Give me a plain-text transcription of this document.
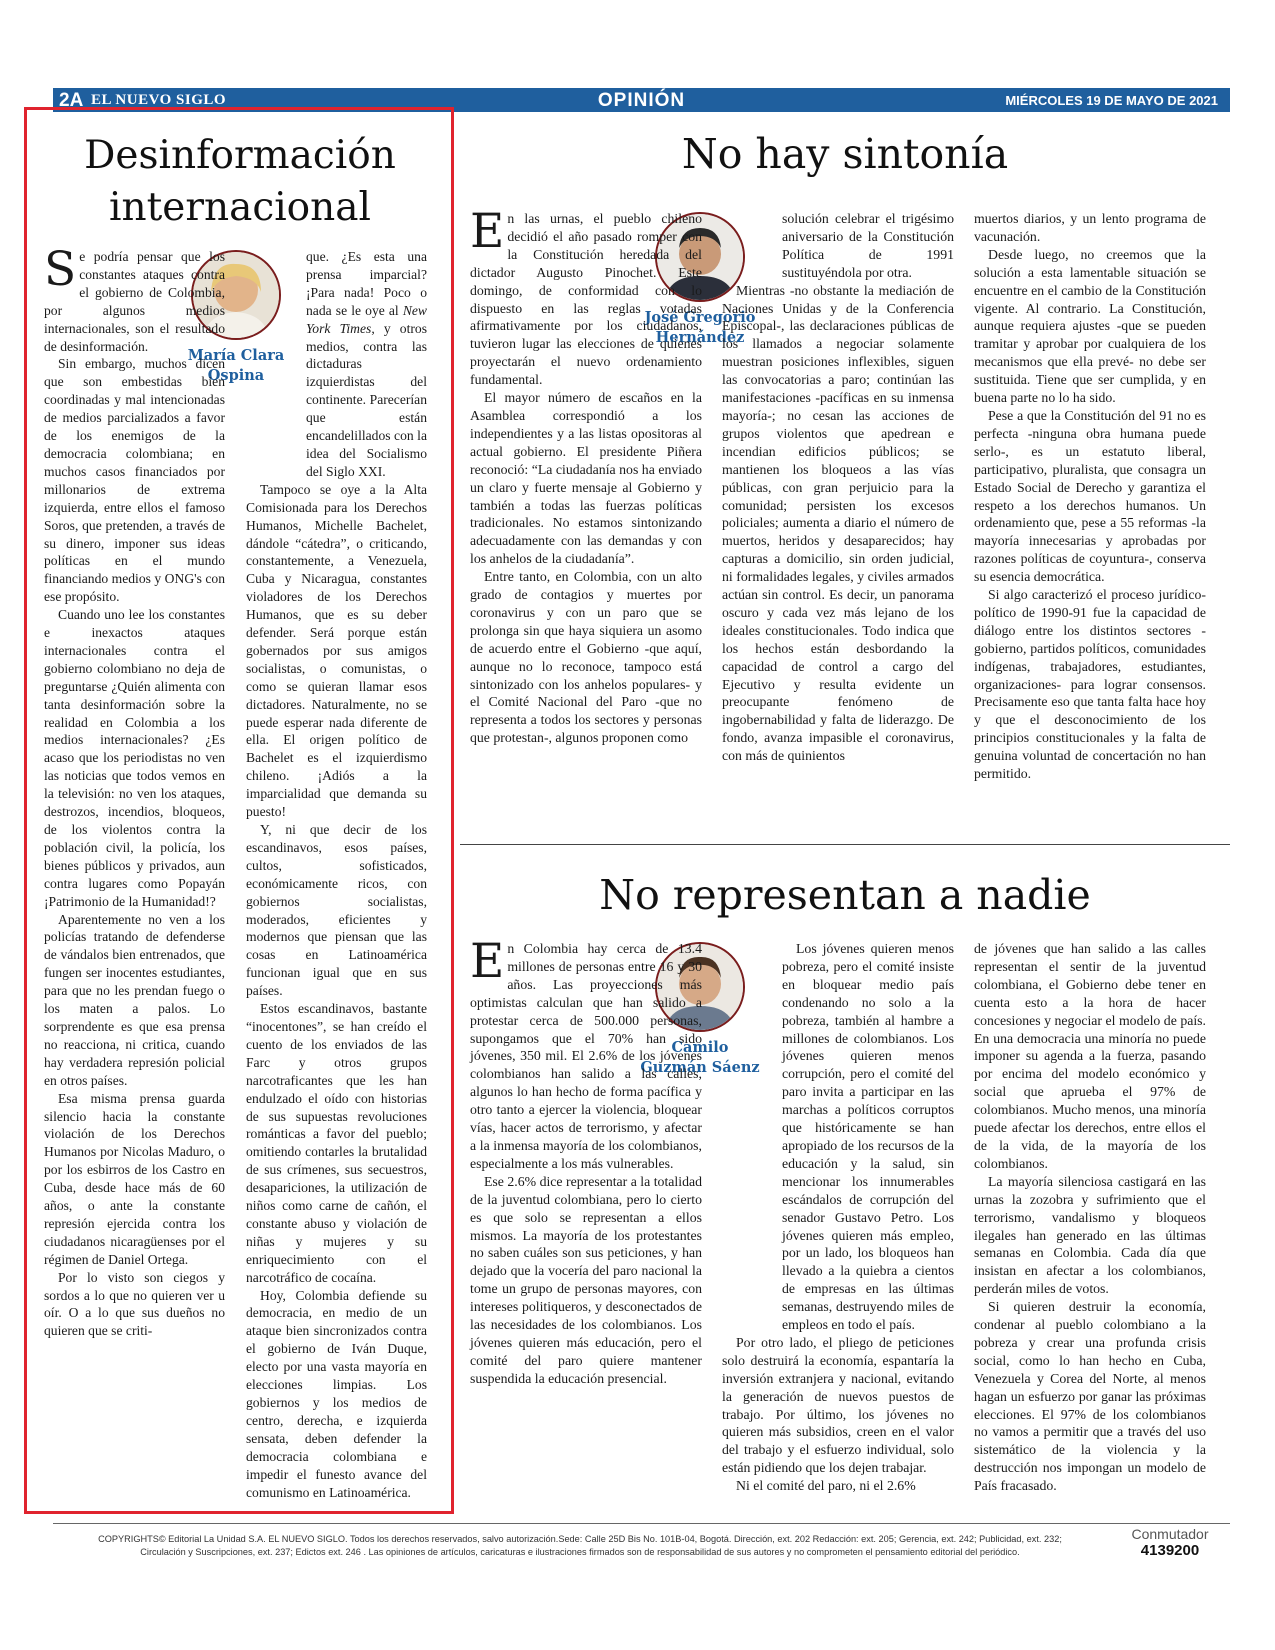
2A EL NUEVO SIGLO	OPINIÓN	MIÉRCOLES 19 DE MAYO DE 2021
Desinformación
internacional
María Clara
Ospina

Se podría pensar que los constantes ataques contra el gobierno de Colombia, por algunos medios internacionales, son el resultado de desinformación.

Sin embargo, muchos dicen que son embestidas bien coordinadas y mal intencionadas de medios parcializados a favor de los enemigos de la democracia colombiana; en muchos casos financiados por millonarios de extrema izquierda, entre ellos el famoso Soros, que pretenden, a través de su dinero, imponer sus ideas políticas en el mundo financiando medios y ONG's con ese propósito.

Cuando uno lee los constantes e inexactos ataques internacionales contra el gobierno colombiano no deja de preguntarse ¿Quién alimenta con tanta desinformación sobre la realidad en Colombia a los medios internacionales? ¿Es acaso que los periodistas no ven las noticias que todos vemos en la televisión: no ven los ataques, destrozos, incendios, bloqueos, de los violentos contra la población civil, la policía, los bienes públicos y privados, aun contra lugares como Popayán ¡Patrimonio de la Humanidad!?

Aparentemente no ven a los policías tratando de defenderse de vándalos bien entrenados, que fungen ser inocentes estudiantes, para que no les prendan fuego o los maten a palos. Lo sorprendente es que esa prensa no reacciona, ni critica, cuando hay verdadera represión policial en otros países.

Esa misma prensa guarda silencio hacia la constante violación de los Derechos Humanos por Nicolas Maduro, o por los esbirros de los Castro en Cuba, desde hace más de 60 años, o ante la constante represión ejercida contra los ciudadanos nicaragüenses por el régimen de Daniel Ortega.

Por lo visto son ciegos y sordos a lo que no quieren ver u oír. O a lo que sus dueños no quieren que se criti-

que. ¿Es esta una prensa imparcial? ¡Para nada! Poco o nada se le oye al New York Times, y otros medios, contra las dictaduras izquierdistas del continente. Parecerían que están encandelillados con la idea del Socialismo del Siglo XXI.

Tampoco se oye a la Alta Comisionada para los Derechos Humanos, Michelle Bachelet, dándole “cátedra”, o criticando, constantemente, a Venezuela, Cuba y Nicaragua, constantes violadores de los Derechos Humanos, que es su deber defender. Será porque están gobernados por sus amigos socialistas, o comunistas, o como se quieran llamar esos dictadores. Naturalmente, no se puede esperar nada diferente de ella. El origen político de Bachelet es el izquierdismo chileno. ¡Adiós a la imparcialidad que demanda su puesto!

Y, ni que decir de los escandinavos, esos países, cultos, sofisticados, económicamente ricos, con gobiernos socialistas, moderados, eficientes y modernos que piensan que las cosas en Latinoamérica funcionan igual que en sus países.

Estos escandinavos, bastante “inocentones”, se han creído el cuento de los enviados de las Farc y otros grupos narcotraficantes que les han endulzado el oído con historias de sus supuestas revoluciones románticas a favor del pueblo; omitiendo contarles la brutalidad de sus crímenes, sus secuestros, desapariciones, la utilización de niños como carne de cañón, el constante abuso y violación de niñas y mujeres y su enriquecimiento con el narcotráfico de cocaína.

Hoy, Colombia defiende su democracia, en medio de un ataque bien sincronizados contra el gobierno de Iván Duque, electo por una vasta mayoría en elecciones limpias. Los gobiernos y los medios de centro, derecha, e izquierda sensata, deben defender la democracia colombiana e impedir el funesto avance del comunismo en Latinoamérica.

No hay sintonía
José Gregorio
Hernández

En las urnas, el pueblo chileno decidió el año pasado romper con la Constitución heredada del dictador Augusto Pinochet. Este domingo, de conformidad con lo dispuesto en las reglas votadas afirmativamente por los ciudadanos, tuvieron lugar las elecciones de quienes proyectarán el nuevo ordenamiento fundamental.

El mayor número de escaños en la Asamblea correspondió a los independientes y a las listas opositoras al actual gobierno. El presidente Piñera reconoció: “La ciudadanía nos ha enviado un claro y fuerte mensaje al Gobierno y también a todas las fuerzas políticas tradicionales. No estamos sintonizando adecuadamente con las demandas y con los anhelos de la ciudadanía”.

Entre tanto, en Colombia, con un alto grado de contagios y muertes por coronavirus y con un paro que se prolonga sin que haya siquiera un asomo de acuerdo entre el Gobierno -que aquí, aunque no lo reconoce, tampoco está sintonizado con los anhelos populares- y el Comité Nacional del Paro -que no representa a todos los sectores y personas que protestan-, algunos proponen como

solución celebrar el trigésimo aniversario de la Constitución Política de 1991 sustituyéndola por otra.

Mientras -no obstante la mediación de Naciones Unidas y de la Conferencia Episcopal-, las declaraciones públicas de los llamados a negociar solamente muestran posiciones inflexibles, siguen las convocatorias a paro; continúan las manifestaciones -pacíficas en su inmensa mayoría-; no cesan las acciones de grupos violentos que apedrean e incendian edificios públicos; se mantienen los bloqueos a las vías públicas, con gran perjuicio para la comunidad; persisten los excesos policiales; aumenta a diario el número de muertos, heridos y desaparecidos; hay capturas a domicilio, sin orden judicial, ni formalidades legales, y civiles armados actúan sin control. Es decir, un panorama oscuro y cada vez más lejano de los ideales constitucionales. Todo indica que los hechos están desbordando la capacidad de control a cargo del Ejecutivo y resulta evidente un preocupante fenómeno de ingobernabilidad y falta de liderazgo. De fondo, avanza impasible el coronavirus, con más de quinientos

muertos diarios, y un lento programa de vacunación.

Desde luego, no creemos que la solución a esta lamentable situación se encuentre en el cambio de la Constitución vigente. Al contrario. La Constitución, aunque requiera ajustes -que se pueden tramitar y aprobar por cualquiera de los mecanismos que ella prevé- no debe ser sustituida. Tiene que ser cumplida, y en buena parte no lo ha sido.

Pese a que la Constitución del 91 no es perfecta -ninguna obra humana puede serlo-, es un estatuto liberal, participativo, pluralista, que consagra un Estado Social de Derecho y garantiza el respeto a los derechos humanos. Un ordenamiento que, pese a 55 reformas -la mayoría innecesarias y aprobadas por razones políticas de coyuntura-, conserva su esencia democrática.

Si algo caracterizó el proceso jurídico-político de 1990-91 fue la capacidad de diálogo entre los distintos sectores -gobierno, partidos políticos, comunidades indígenas, trabajadores, estudiantes, organizaciones- para lograr consensos. Precisamente eso que tanta falta hace hoy y que el desconocimiento de los principios constitucionales y la falta de genuina voluntad de concertación no han permitido.

No representan a nadie
Camilo
Guzmán Sáenz

En Colombia hay cerca de 13.4 millones de personas entre 16 y 30 años. Las proyecciones más optimistas calculan que han salido a protestar cerca de 500.000 personas, supongamos que el 70% han sido jóvenes, 350 mil. El 2.6% de los jóvenes colombianos han salido a las calles, algunos lo han hecho de forma pacífica y otro tanto a ejercer la violencia, bloquear vías, hacer actos de terrorismo, y afectar a la inmensa mayoría de los colombianos, especialmente a los más vulnerables.

Ese 2.6% dice representar a la totalidad de la juventud colombiana, pero lo cierto es que solo se representan a ellos mismos. La mayoría de los protestantes no saben cuáles son sus peticiones, y han dejado que la vocería del paro nacional la tome un grupo de personas mayores, con intereses politiqueros, y desconectados de las necesidades de los colombianos. Los jóvenes quieren más educación, pero el comité del paro quiere mantener suspendida la educación presencial.

Los jóvenes quieren menos pobreza, pero el comité insiste en bloquear medio país condenando no solo a la pobreza, también al hambre a millones de colombianos. Los jóvenes quieren menos corrupción, pero el comité del paro invita a participar en las marchas a políticos corruptos que históricamente se han apropiado de los recursos de la educación y la salud, sin mencionar los innumerables escándalos de corrupción del senador Gustavo Petro. Los jóvenes quieren más empleo, por un lado, los bloqueos han llevado a la quiebra a cientos de empresas en las últimas semanas, destruyendo miles de empleos en todo el país.

Por otro lado, el pliego de peticiones solo destruirá la economía, espantaría la inversión extranjera y nacional, evitando la generación de nuevos puestos de trabajo. Por último, los jóvenes no quieren más subsidios, creen en el valor del trabajo y el esfuerzo individual, solo están pidiendo que los dejen trabajar.

Ni el comité del paro, ni el 2.6%

de jóvenes que han salido a las calles representan el sentir de la juventud colombiana, el Gobierno debe tener en cuenta esto a la hora de hacer concesiones y negociar el modelo de país. En una democracia una minoría no puede imponer su agenda a la fuerza, pasando por encima del modelo económico y social que aprueba el 97% de colombianos. Mucho menos, una minoría puede afectar los derechos, entre ellos el de la vida, de la mayoría de los colombianos.

La mayoría silenciosa castigará en las urnas la zozobra y sufrimiento que el terrorismo, vandalismo y bloqueos ilegales han generado en las últimas semanas en Colombia. Cada día que insistan en afectar a los colombianos, perderán miles de votos.

Si quieren destruir la economía, condenar al pueblo colombiano a la pobreza y crear una profunda crisis social, como lo han hecho en Cuba, Venezuela y Corea del Norte, al menos hagan un esfuerzo por ganar las próximas elecciones. El 97% de los colombianos no vamos a permitir que a través del uso sistemático de la violencia y la destrucción nos impongan un modelo de País fracasado.

COPYRIGHTS© Editorial La Unidad S.A. EL NUEVO SIGLO. Todos los derechos reservados, salvo autorización.Sede: Calle 25D Bis No. 101B-04, Bogotá. Dirección, ext. 202 Redacción: ext. 205; Gerencia, ext. 242; Publicidad, ext. 232;
Circulación y Suscripciones, ext. 237; Edictos ext. 246 . Las opiniones de artículos, caricaturas e ilustraciones firmados son de responsabilidad de sus autores y no comprometen el pensamiento editorial del periódico.
Conmutador
4139200
